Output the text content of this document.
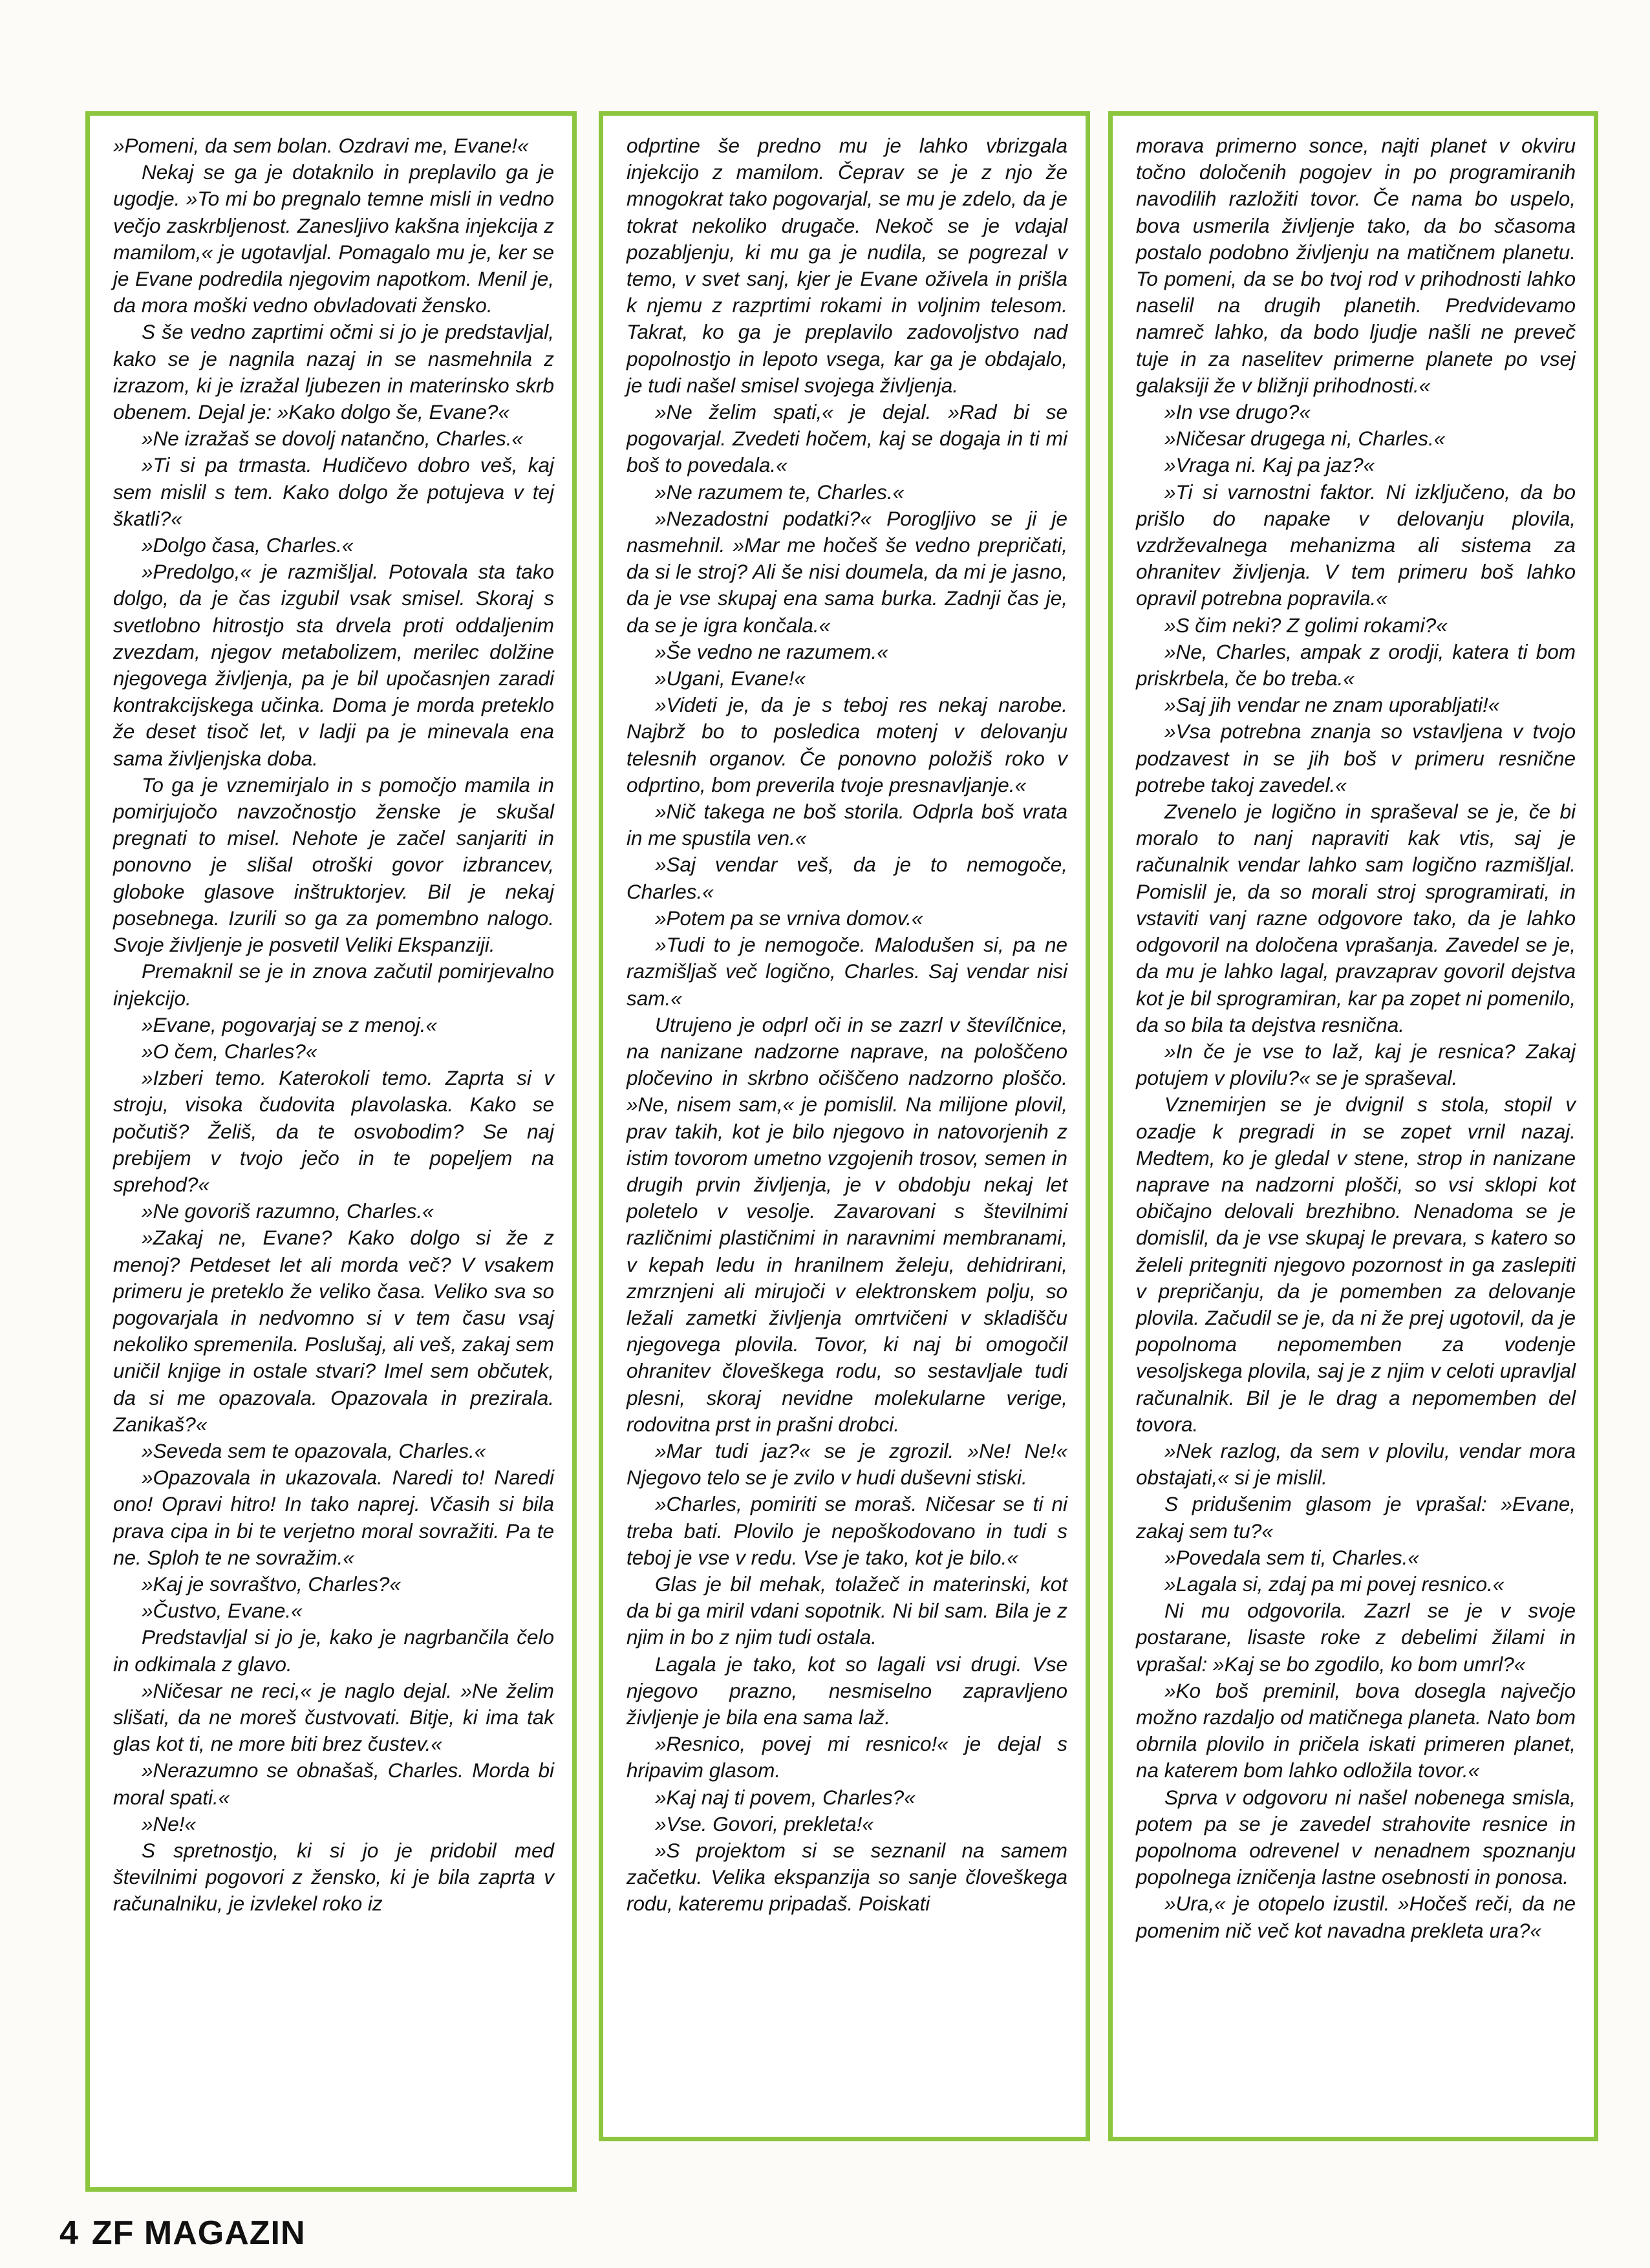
»Pomeni, da sem bolan. Ozdravi me, Evane!«

Nekaj se ga je dotaknilo in preplavilo ga je ugodje. »To mi bo pregnalo temne misli in vedno večjo zaskrbljenost. Zanesljivo kakšna injekcija z mamilom,« je ugotavljal. Pomagalo mu je, ker se je Evane podredila njegovim napotkom. Menil je, da mora moški vedno obvladovati žensko.

S še vedno zaprtimi očmi si jo je predstavljal, kako se je nagnila nazaj in se nasmehnila z izrazom, ki je izražal ljubezen in materinsko skrb obenem. Dejal je: »Kako dolgo še, Evane?«

»Ne izražaš se dovolj natančno, Charles.«

»Ti si pa trmasta. Hudičevo dobro veš, kaj sem mislil s tem. Kako dolgo že potujeva v tej škatli?«

»Dolgo časa, Charles.«

»Predolgo,« je razmišljal. Potovala sta tako dolgo, da je čas izgubil vsak smisel. Skoraj s svetlobno hitrostjo sta drvela proti oddaljenim zvezdam, njegov metabolizem, merilec dolžine njegovega življenja, pa je bil upočasnjen zaradi kontrakcijskega učinka. Doma je morda preteklo že deset tisoč let, v ladji pa je minevala ena sama življenjska doba.

To ga je vznemirjalo in s pomočjo mamila in pomirjujočo navzočnostjo ženske je skušal pregnati to misel. Nehote je začel sanjariti in ponovno je slišal otroški govor izbrancev, globoke glasove inštruktorjev. Bil je nekaj posebnega. Izurili so ga za pomembno nalogo. Svoje življenje je posvetil Veliki Ekspanziji.

Premaknil se je in znova začutil pomirjevalno injekcijo.

»Evane, pogovarjaj se z menoj.«

»O čem, Charles?«

»Izberi temo. Katerokoli temo. Zaprta si v stroju, visoka čudovita plavolaska. Kako se počutiš? Želiš, da te osvobodim? Se naj prebijem v tvojo ječo in te popeljem na sprehod?«

»Ne govoriš razumno, Charles.«

»Zakaj ne, Evane? Kako dolgo si že z menoj? Petdeset let ali morda več? V vsakem primeru je preteklo že veliko časa. Veliko sva so pogovarjala in nedvomno si v tem času vsaj nekoliko spremenila. Poslušaj, ali veš, zakaj sem uničil knjige in ostale stvari? Imel sem občutek, da si me opazovala. Opazovala in prezirala. Zanikaš?«

»Seveda sem te opazovala, Charles.«

»Opazovala in ukazovala. Naredi to! Naredi ono! Opravi hitro! In tako naprej. Včasih si bila prava cipa in bi te verjetno moral sovražiti. Pa te ne. Sploh te ne sovražim.«

»Kaj je sovraštvo, Charles?«

»Čustvo, Evane.«

Predstavljal si jo je, kako je nagrbančila čelo in odkimala z glavo.

»Ničesar ne reci,« je naglo dejal. »Ne želim slišati, da ne moreš čustvovati. Bitje, ki ima tak glas kot ti, ne more biti brez čustev.«

»Nerazumno se obnašaš, Charles. Morda bi moral spati.«

»Ne!«

S spretnostjo, ki si jo je pridobil med številnimi pogovori z žensko, ki je bila zaprta v računalniku, je izvlekel roko iz

odprtine še predno mu je lahko vbrizgala injekcijo z mamilom. Čeprav se je z njo že mnogokrat tako pogovarjal, se mu je zdelo, da je tokrat nekoliko drugače. Nekoč se je vdajal pozabljenju, ki mu ga je nudila, se pogrezal v temo, v svet sanj, kjer je Evane oživela in prišla k njemu z razprtimi rokami in voljnim telesom. Takrat, ko ga je preplavilo zadovoljstvo nad popolnostjo in lepoto vsega, kar ga je obdajalo, je tudi našel smisel svojega življenja.

»Ne želim spati,« je dejal. »Rad bi se pogovarjal. Zvedeti hočem, kaj se dogaja in ti mi boš to povedala.«

»Ne razumem te, Charles.«

»Nezadostni podatki?« Porogljivo se ji je nasmehnil. »Mar me hočeš še vedno prepričati, da si le stroj? Ali še nisi doumela, da mi je jasno, da je vse skupaj ena sama burka. Zadnji čas je, da se je igra končala.«

»Še vedno ne razumem.«

»Ugani, Evane!«

»Videti je, da je s teboj res nekaj narobe. Najbrž bo to posledica motenj v delovanju telesnih organov. Če ponovno položiš roko v odprtino, bom preverila tvoje presnavljanje.«

»Nič takega ne boš storila. Odprla boš vrata in me spustila ven.«

»Saj vendar veš, da je to nemogoče, Charles.«

»Potem pa se vrniva domov.«

»Tudi to je nemogoče. Malodušen si, pa ne razmišljaš več logično, Charles. Saj vendar nisi sam.«

Utrujeno je odprl oči in se zazrl v števílčnice, na nanizane nadzorne naprave, na pološčeno pločevino in skrbno očiščeno nadzorno ploščo. »Ne, nisem sam,« je pomislil. Na milijone plovil, prav takih, kot je bilo njegovo in natovorjenih z istim tovorom umetno vzgojenih trosov, semen in drugih prvin življenja, je v obdobju nekaj let poletelo v vesolje. Zavarovani s številnimi različnimi plastičnimi in naravnimi membranami, v kepah ledu in hranilnem želeju, dehidrirani, zmrznjeni ali mirujoči v elektronskem polju, so ležali zametki življenja omrtvičeni v skladišču njegovega plovila. Tovor, ki naj bi omogočil ohranitev človeškega rodu, so sestavljale tudi plesni, skoraj nevidne molekularne verige, rodovitna prst in prašni drobci.

»Mar tudi jaz?« se je zgrozil. »Ne! Ne!« Njegovo telo se je zvilo v hudi duševni stiski.

»Charles, pomiriti se moraš. Ničesar se ti ni treba bati. Plovilo je nepoškodovano in tudi s teboj je vse v redu. Vse je tako, kot je bilo.«

Glas je bil mehak, tolažeč in materinski, kot da bi ga miril vdani sopotnik. Ni bil sam. Bila je z njim in bo z njim tudi ostala.

Lagala je tako, kot so lagali vsi drugi. Vse njegovo prazno, nesmiselno zapravljeno življenje je bila ena sama laž.

»Resnico, povej mi resnico!« je dejal s hripavim glasom.

»Kaj naj ti povem, Charles?«

»Vse. Govori, prekleta!«

»S projektom si se seznanil na samem začetku. Velika ekspanzija so sanje človeškega rodu, kateremu pripadaš. Poiskati

morava primerno sonce, najti planet v okviru točno določenih pogojev in po programiranih navodilih razložiti tovor. Če nama bo uspelo, bova usmerila življenje tako, da bo sčasoma postalo podobno življenju na matičnem planetu. To pomeni, da se bo tvoj rod v prihodnosti lahko naselil na drugih planetih. Predvidevamo namreč lahko, da bodo ljudje našli ne preveč tuje in za naselitev primerne planete po vsej galaksiji že v bližnji prihodnosti.«

»In vse drugo?«

»Ničesar drugega ni, Charles.«

»Vraga ni. Kaj pa jaz?«

»Ti si varnostni faktor. Ni izključeno, da bo prišlo do napake v delovanju plovila, vzdrževalnega mehanizma ali sistema za ohranitev življenja. V tem primeru boš lahko opravil potrebna popravila.«

»S čim neki? Z golimi rokami?«

»Ne, Charles, ampak z orodji, katera ti bom priskrbela, če bo treba.«

»Saj jih vendar ne znam uporabljati!«

»Vsa potrebna znanja so vstavljena v tvojo podzavest in se jih boš v primeru resnične potrebe takoj zavedel.«

Zvenelo je logično in spraševal se je, če bi moralo to nanj napraviti kak vtis, saj je računalnik vendar lahko sam logično razmišljal. Pomislil je, da so morali stroj sprogramirati, in vstaviti vanj razne odgovore tako, da je lahko odgovoril na določena vprašanja. Zavedel se je, da mu je lahko lagal, pravzaprav govoril dejstva kot je bil sprogramiran, kar pa zopet ni pomenilo, da so bila ta dejstva resnična.

»In če je vse to laž, kaj je resnica? Zakaj potujem v plovilu?« se je spraševal.

Vznemirjen se je dvignil s stola, stopil v ozadje k pregradi in se zopet vrnil nazaj. Medtem, ko je gledal v stene, strop in nanizane naprave na nadzorni plošči, so vsi sklopi kot običajno delovali brezhibno. Nenadoma se je domislil, da je vse skupaj le prevara, s katero so želeli pritegniti njegovo pozornost in ga zaslepiti v prepričanju, da je pomemben za delovanje plovila. Začudil se je, da ni že prej ugotovil, da je popolnoma nepomemben za vodenje vesoljskega plovila, saj je z njim v celoti upravljal računalnik. Bil je le drag a nepomemben del tovora.

»Nek razlog, da sem v plovilu, vendar mora obstajati,« si je mislil.

S pridušenim glasom je vprašal: »Evane, zakaj sem tu?«

»Povedala sem ti, Charles.«

»Lagala si, zdaj pa mi povej resnico.«

Ni mu odgovorila. Zazrl se je v svoje postarane, lisaste roke z debelimi žilami in vprašal: »Kaj se bo zgodilo, ko bom umrl?«

»Ko boš preminil, bova dosegla največjo možno razdaljo od matičnega planeta. Nato bom obrnila plovilo in pričela iskati primeren planet, na katerem bom lahko odložila tovor.«

Sprva v odgovoru ni našel nobenega smisla, potem pa se je zavedel strahovite resnice in popolnoma odrevenel v nenadnem spoznanju popolnega izničenja lastne osebnosti in ponosa.

»Ura,« je otopelo izustil. »Hočeš reči, da ne pomenim nič več kot navadna prekleta ura?«

4 ZF MAGAZIN
